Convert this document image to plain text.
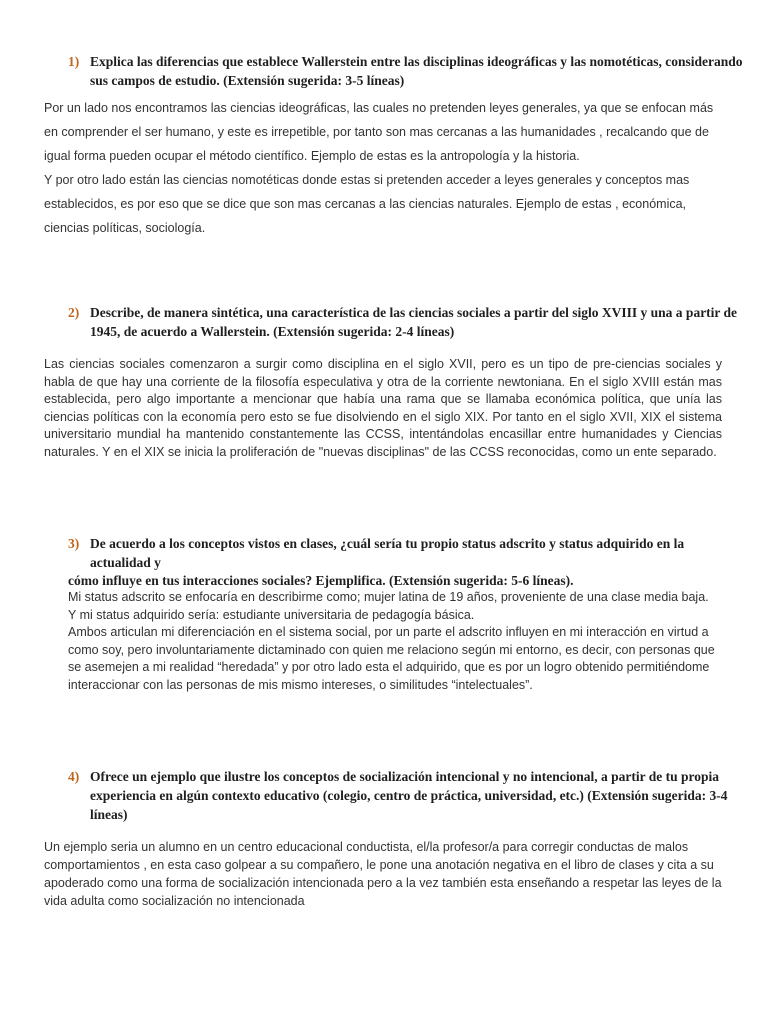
1) Explica las diferencias que establece Wallerstein entre las disciplinas ideográficas y las nomotéticas, considerando sus campos de estudio. (Extensión sugerida: 3-5 líneas)

Por un lado nos encontramos las ciencias ideográficas, las cuales no pretenden leyes generales, ya que se enfocan más en comprender el ser humano, y este es irrepetible, por tanto son mas cercanas a las humanidades , recalcando que de igual forma pueden ocupar el método científico. Ejemplo de estas es la antropología y la historia.

Y por otro lado están las ciencias nomotéticas donde estas si pretenden acceder a leyes generales y conceptos mas establecidos, es por eso que se dice que son mas cercanas a las ciencias naturales. Ejemplo de estas , económica, ciencias políticas, sociología.

2) Describe, de manera sintética, una característica de las ciencias sociales a partir del siglo XVIII y una a partir de 1945, de acuerdo a Wallerstein. (Extensión sugerida: 2-4 líneas)

Las ciencias sociales comenzaron a surgir como disciplina en el siglo XVII, pero es un tipo de pre-ciencias sociales y habla de que hay una corriente de la filosofía especulativa y otra de la corriente newtoniana. En el siglo XVIII están mas establecida, pero algo importante a mencionar que había una rama que se llamaba económica política, que unía las ciencias políticas con la economía pero esto se fue disolviendo en el siglo XIX. Por tanto en el siglo XVII, XIX el sistema universitario mundial ha mantenido constantemente las CCSS, intentándolas encasillar entre humanidades y Ciencias naturales. Y en el XIX se inicia la proliferación de "nuevas disciplinas" de las CCSS reconocidas, como un ente separado.

3) De acuerdo a los conceptos vistos en clases, ¿cuál sería tu propio status adscrito y status adquirido en la actualidad y
cómo influye en tus interacciones sociales? Ejemplifica. (Extensión sugerida: 5-6 líneas).

Mi status adscrito se enfocaría en describirme como; mujer latina de 19 años, proveniente de una clase media baja. Y mi status adquirido sería: estudiante universitaria de pedagogía básica.

Ambos articulan mi diferenciación en el sistema social, por un parte el adscrito influyen en mi interacción en virtud a como soy, pero involuntariamente dictaminado con quien me relaciono según mi entorno, es decir, con personas que se asemejen a mi realidad “heredada” y por otro lado esta el adquirido, que es por un logro obtenido permitiéndome interaccionar con las personas de mis mismo intereses, o similitudes “intelectuales”.

4) Ofrece un ejemplo que ilustre los conceptos de socialización intencional y no intencional, a partir de tu propia experiencia en algún contexto educativo (colegio, centro de práctica, universidad, etc.) (Extensión sugerida: 3-4 líneas)

Un ejemplo seria un alumno en un centro educacional conductista, el/la profesor/a para corregir conductas de malos comportamientos , en esta caso golpear a su compañero, le pone una anotación negativa en el libro de clases y cita a su apoderado como una forma de socialización intencionada pero a la vez también esta enseñando a respetar las leyes de la vida adulta como socialización no intencionada
